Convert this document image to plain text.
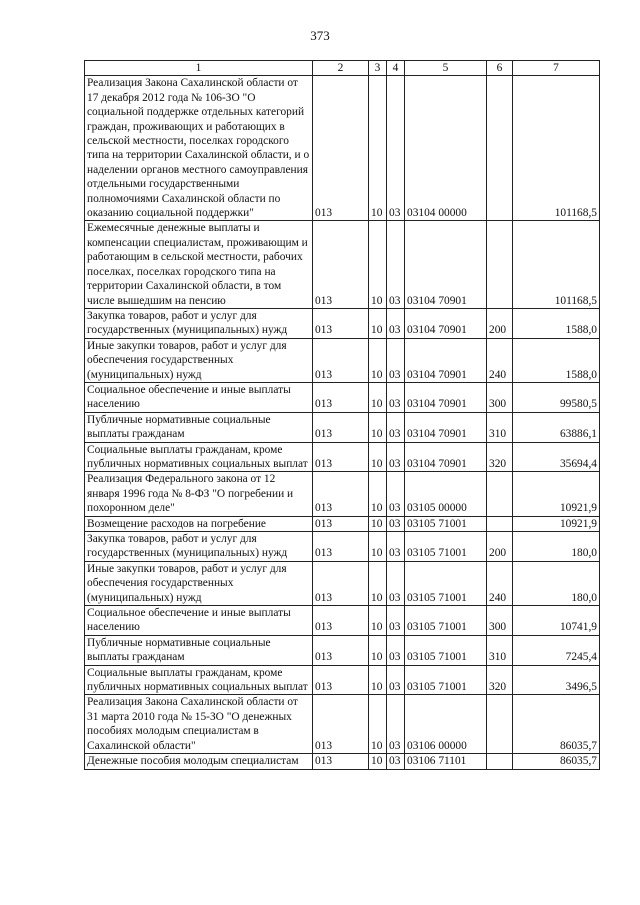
373
1	2	3	4	5	6	7
Реализация Закона Сахалинской области от 17 декабря 2012 года № 106-ЗО "О социальной поддержке отдельных категорий граждан, проживающих и работающих в сельской местности, поселках городского типа на территории Сахалинской области, и о наделении органов местного самоуправления отдельными государственными полномочиями Сахалинской области по оказанию социальной поддержки"	013	10	03	03104 00000		101168,5
Ежемесячные денежные выплаты и компенсации специалистам, проживающим и работающим в сельской местности, рабочих поселках, поселках городского типа на территории Сахалинской области, в том числе вышедшим на пенсию	013	10	03	03104 70901		101168,5
Закупка товаров, работ и услуг для государственных (муниципальных) нужд	013	10	03	03104 70901	200	1588,0
Иные закупки товаров, работ и услуг для обеспечения государственных (муниципальных) нужд	013	10	03	03104 70901	240	1588,0
Социальное обеспечение и иные выплаты населению	013	10	03	03104 70901	300	99580,5
Публичные нормативные социальные выплаты гражданам	013	10	03	03104 70901	310	63886,1
Социальные выплаты гражданам, кроме публичных нормативных социальных выплат	013	10	03	03104 70901	320	35694,4
Реализация Федерального закона от 12 января 1996 года № 8-ФЗ "О погребении и похоронном деле"	013	10	03	03105 00000		10921,9
Возмещение расходов на погребение	013	10	03	03105 71001		10921,9
Закупка товаров, работ и услуг для государственных (муниципальных) нужд	013	10	03	03105 71001	200	180,0
Иные закупки товаров, работ и услуг для обеспечения государственных (муниципальных) нужд	013	10	03	03105 71001	240	180,0
Социальное обеспечение и иные выплаты населению	013	10	03	03105 71001	300	10741,9
Публичные нормативные социальные выплаты гражданам	013	10	03	03105 71001	310	7245,4
Социальные выплаты гражданам, кроме публичных нормативных социальных выплат	013	10	03	03105 71001	320	3496,5
Реализация Закона Сахалинской области от 31 марта 2010 года № 15-ЗО "О денежных пособиях молодым специалистам в Сахалинской области"	013	10	03	03106 00000		86035,7
Денежные пособия молодым специалистам	013	10	03	03106 71101		86035,7
